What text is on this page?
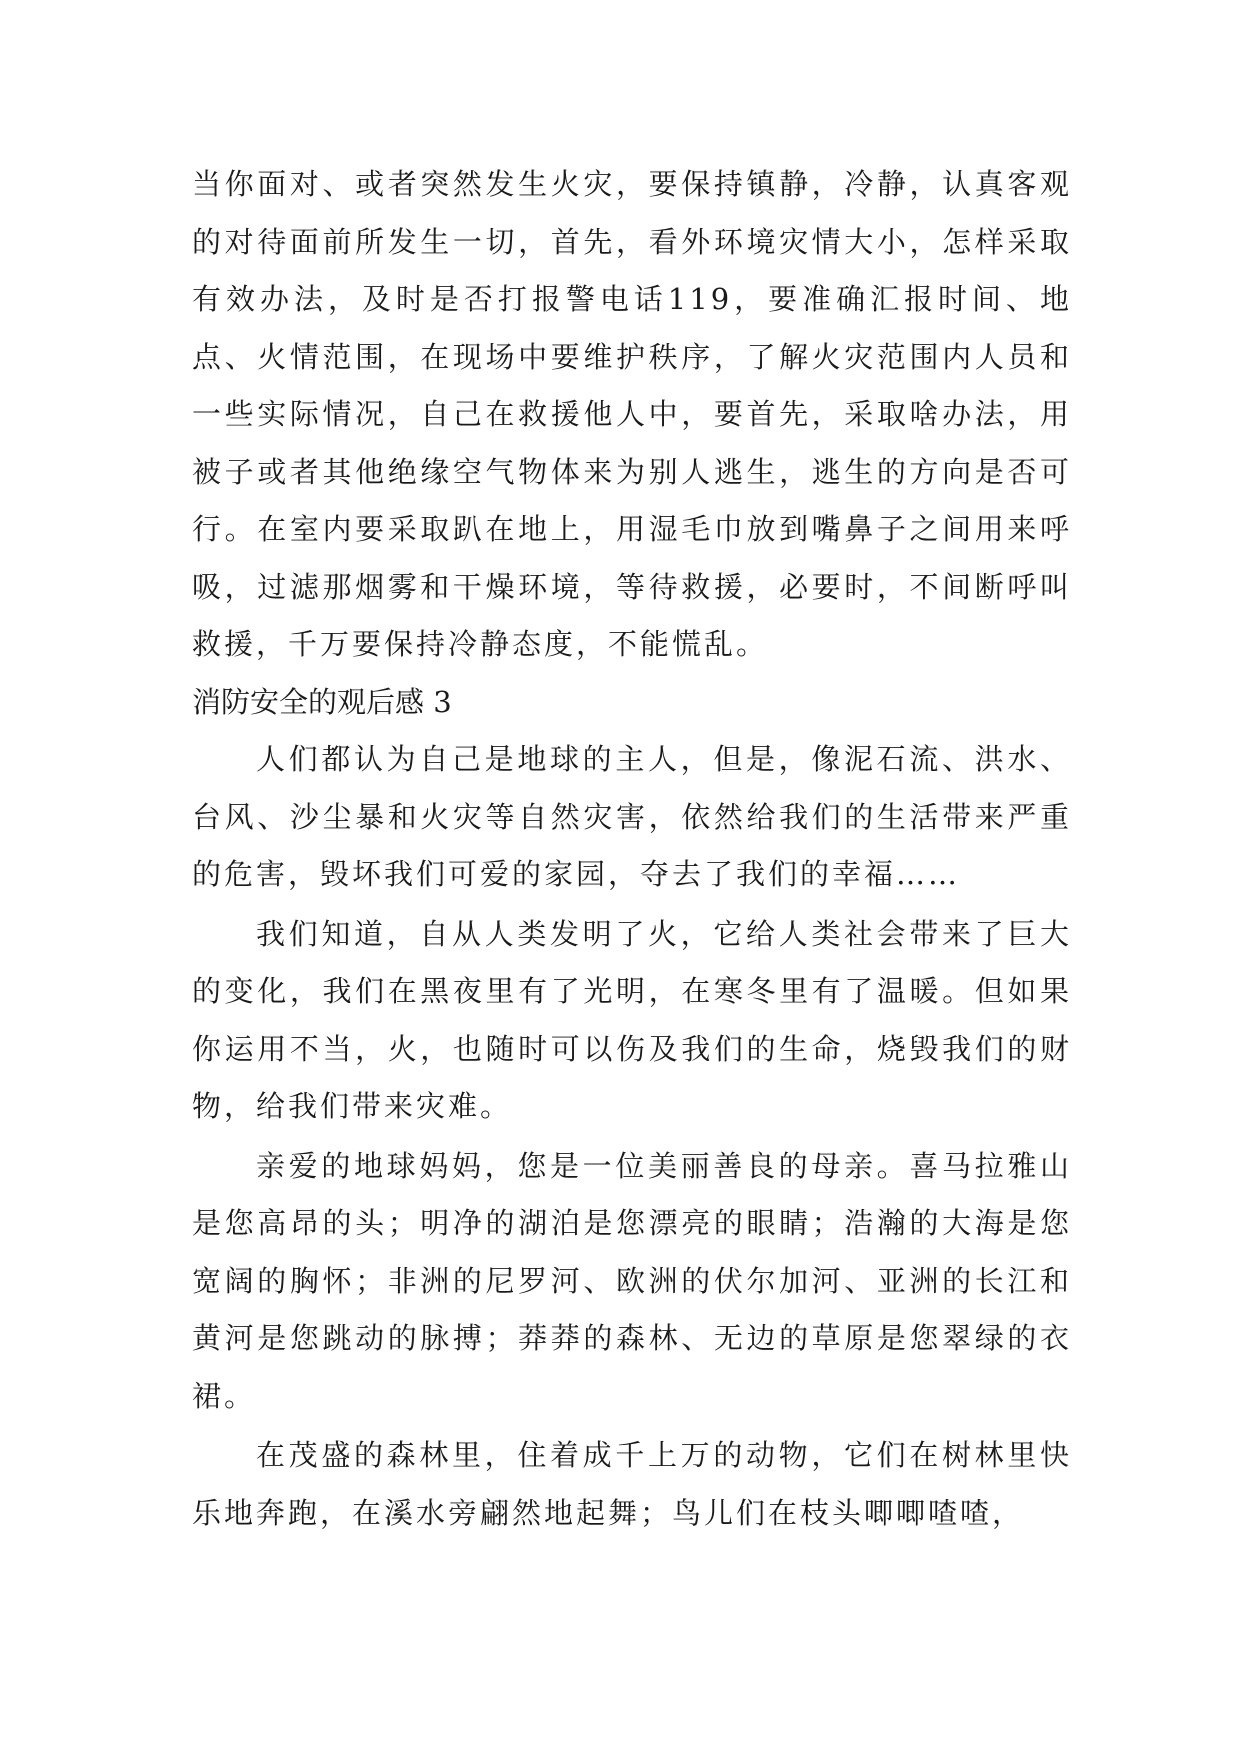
当你面对、或者突然发生火灾，要保持镇静，冷静，认真客观的对待面前所发生一切，首先，看外环境灾情大小，怎样采取有效办法，及时是否打报警电话119，要准确汇报时间、地点、火情范围，在现场中要维护秩序，了解火灾范围内人员和一些实际情况，自己在救援他人中，要首先，采取啥办法，用被子或者其他绝缘空气物体来为别人逃生，逃生的方向是否可行。在室内要采取趴在地上，用湿毛巾放到嘴鼻子之间用来呼吸，过滤那烟雾和干燥环境，等待救援，必要时，不间断呼叫救援，千万要保持冷静态度，不能慌乱。

消防安全的观后感 3

人们都认为自己是地球的主人，但是，像泥石流、洪水、台风、沙尘暴和火灾等自然灾害，依然给我们的生活带来严重的危害，毁坏我们可爱的家园，夺去了我们的幸福……

我们知道，自从人类发明了火，它给人类社会带来了巨大的变化，我们在黑夜里有了光明，在寒冬里有了温暖。但如果你运用不当，火，也随时可以伤及我们的生命，烧毁我们的财物，给我们带来灾难。

亲爱的地球妈妈，您是一位美丽善良的母亲。喜马拉雅山是您高昂的头；明净的湖泊是您漂亮的眼睛；浩瀚的大海是您宽阔的胸怀；非洲的尼罗河、欧洲的伏尔加河、亚洲的长江和黄河是您跳动的脉搏；莽莽的森林、无边的草原是您翠绿的衣裙。

在茂盛的森林里，住着成千上万的动物，它们在树林里快乐地奔跑，在溪水旁翩然地起舞；鸟儿们在枝头唧唧喳喳，
